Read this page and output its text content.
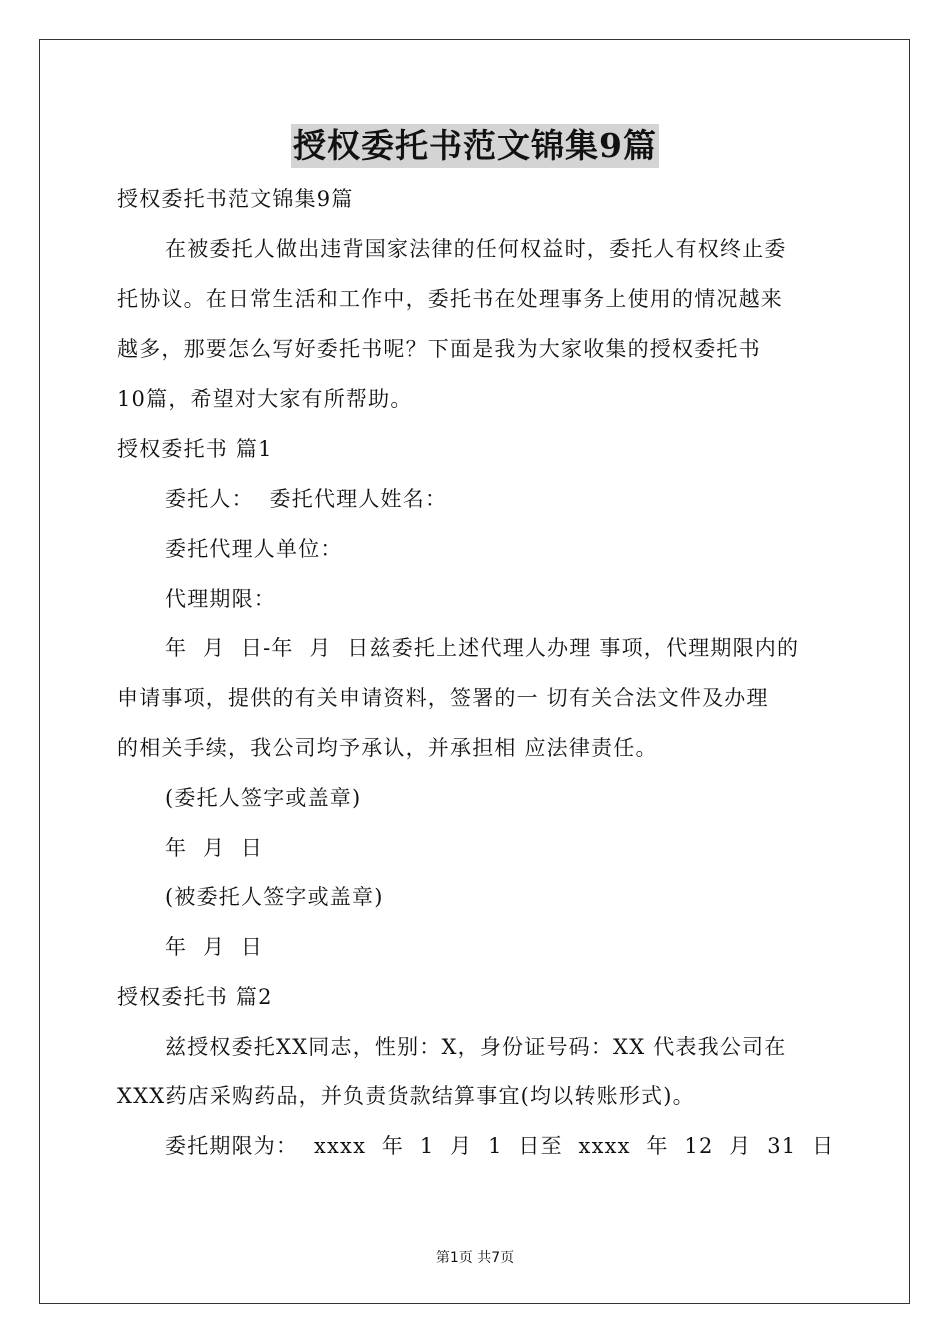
授权委托书范文锦集9篇
授权委托书范文锦集9篇
在被委托人做出违背国家法律的任何权益时，委托人有权终止委
托协议。在日常生活和工作中，委托书在处理事务上使用的情况越来
越多，那要怎么写好委托书呢？下面是我为大家收集的授权委托书
10篇，希望对大家有所帮助。
授权委托书 篇1
委托人：  委托代理人姓名：
委托代理人单位：
代理期限：
年  月  日-年  月  日兹委托上述代理人办理 事项，代理期限内的
申请事项，提供的有关申请资料，签署的一 切有关合法文件及办理
的相关手续，我公司均予承认，并承担相 应法律责任。
(委托人签字或盖章)
年  月  日
(被委托人签字或盖章)
年  月  日
授权委托书 篇2
兹授权委托XX同志，性别：X，身份证号码：XX 代表我公司在
XXX药店采购药品，并负责货款结算事宜(均以转账形式)。
委托期限为：  xxxx  年  1  月  1  日至  xxxx  年  12  月  31  日
第1页 共7页
